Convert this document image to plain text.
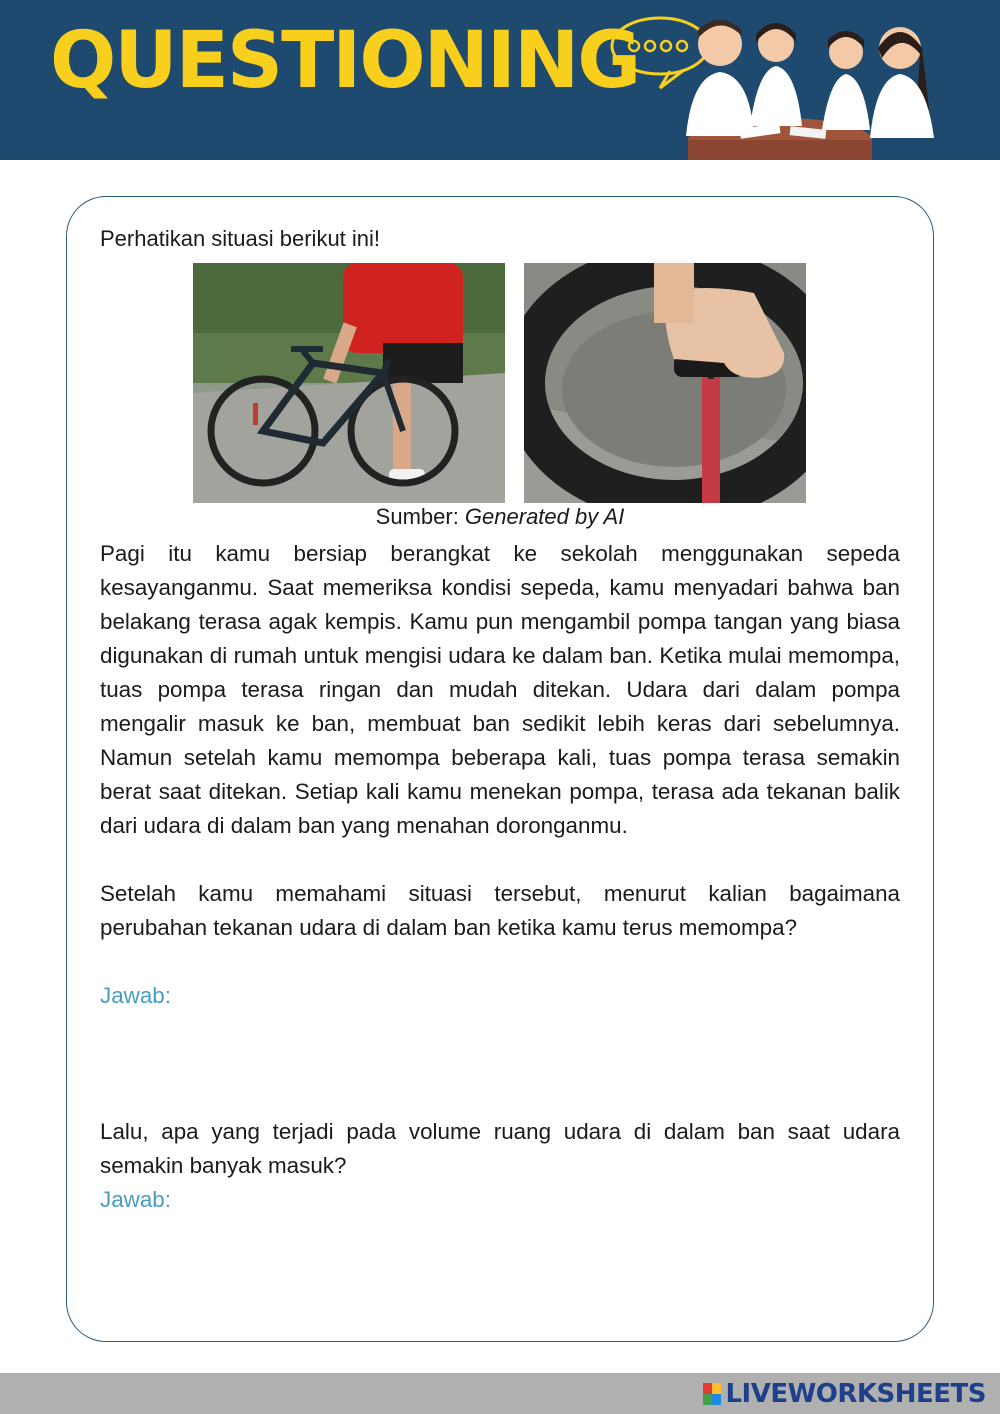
QUESTIONING
Perhatikan situasi berikut ini!
Sumber: Generated by AI
Pagi itu kamu bersiap berangkat ke sekolah menggunakan sepeda kesayanganmu. Saat memeriksa kondisi sepeda, kamu menyadari bahwa ban belakang terasa agak kempis. Kamu pun mengambil pompa tangan yang biasa digunakan di rumah untuk mengisi udara ke dalam ban. Ketika mulai memompa, tuas pompa terasa ringan dan mudah ditekan. Udara dari dalam pompa mengalir masuk ke ban, membuat ban sedikit lebih keras dari sebelumnya. Namun setelah kamu memompa beberapa kali, tuas pompa terasa semakin berat saat ditekan. Setiap kali kamu menekan pompa, terasa ada tekanan balik dari udara di dalam ban yang menahan doronganmu.
Setelah kamu memahami situasi tersebut, menurut kalian bagaimana perubahan tekanan udara di dalam ban ketika kamu terus memompa?
Jawab:
Lalu, apa yang terjadi pada volume ruang udara di dalam ban saat udara semakin banyak masuk?
Jawab:
LIVEWORKSHEETS
